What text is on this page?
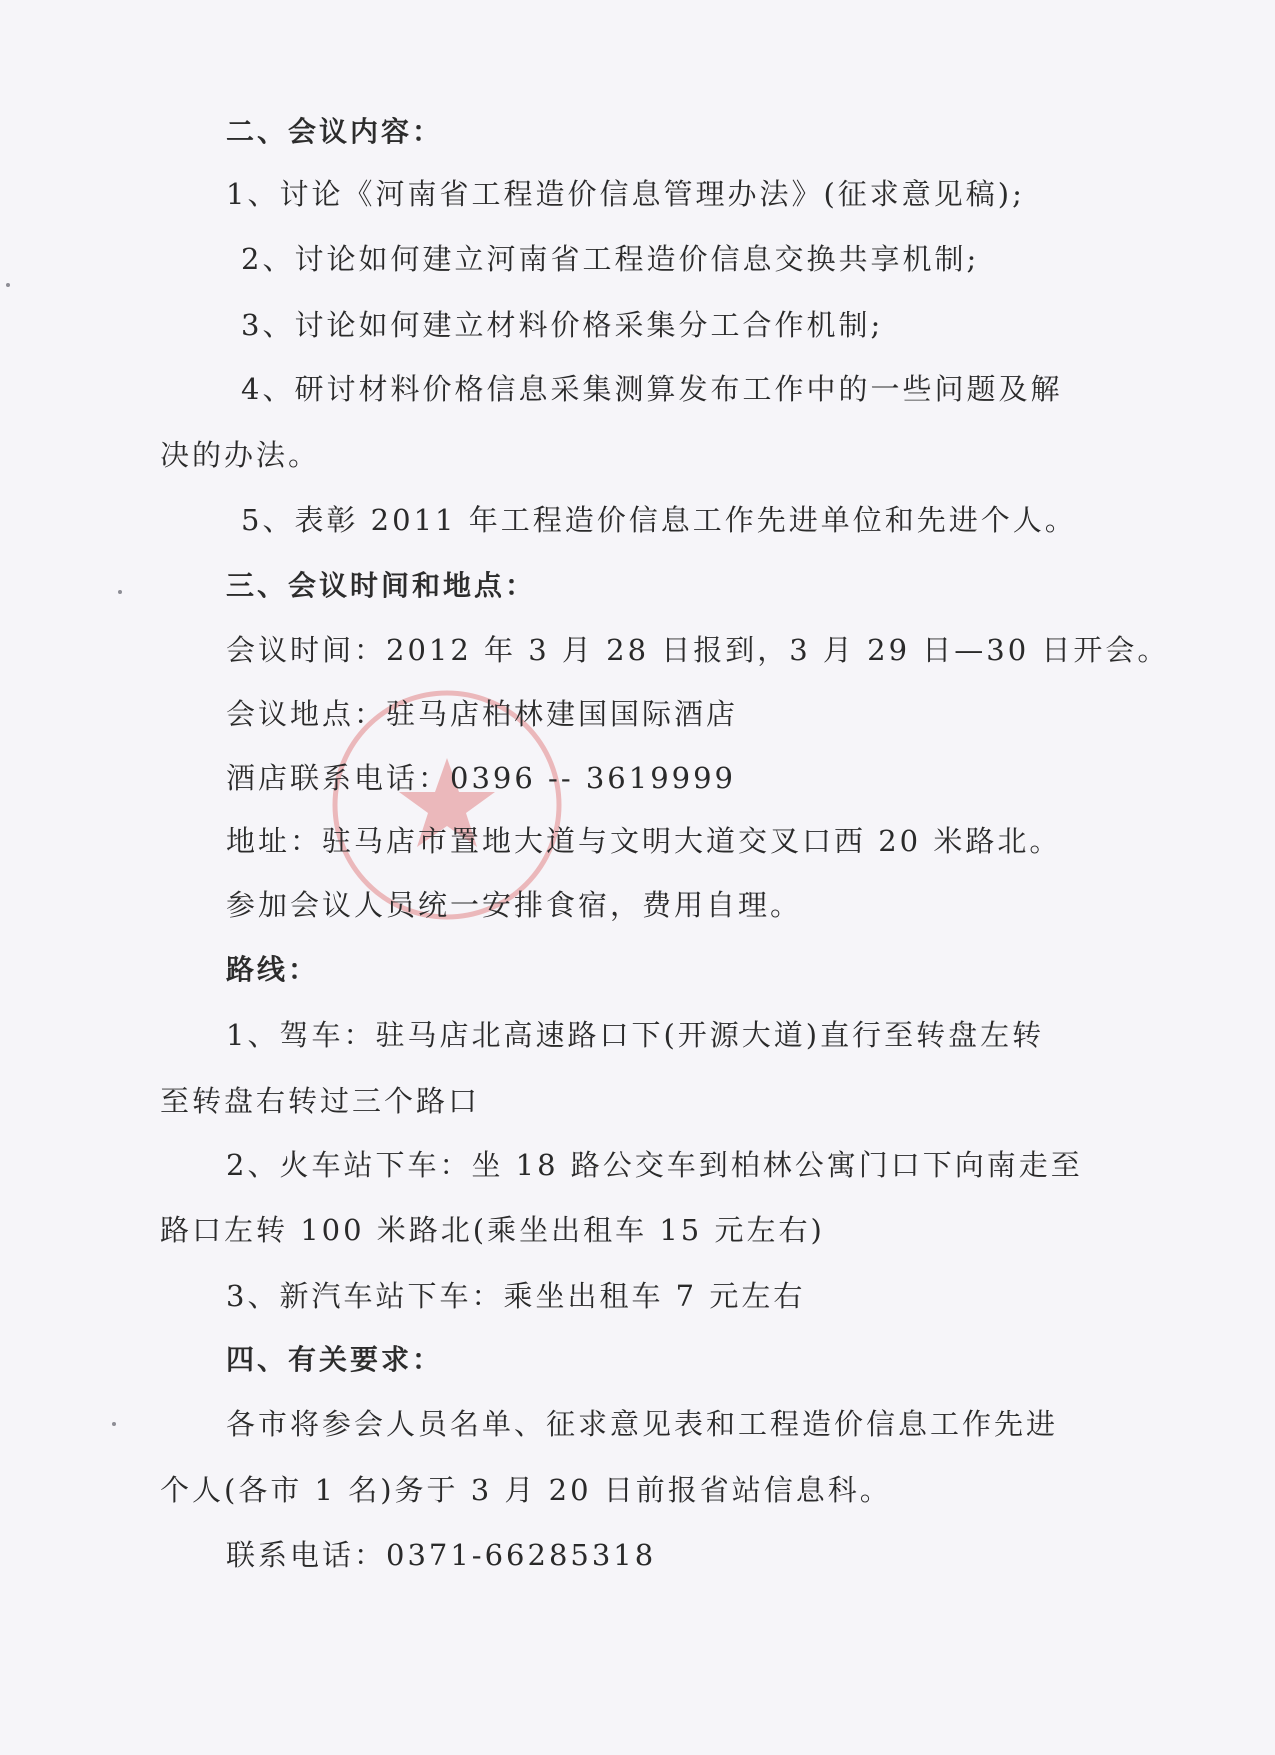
二、会议内容：
1、讨论《河南省工程造价信息管理办法》(征求意见稿);
2、讨论如何建立河南省工程造价信息交换共享机制;
3、讨论如何建立材料价格采集分工合作机制;
4、研讨材料价格信息采集测算发布工作中的一些问题及解
决的办法。
5、表彰 2011 年工程造价信息工作先进单位和先进个人。
三、会议时间和地点：
会议时间：2012 年 3 月 28 日报到，3 月 29 日—30 日开会。
会议地点：驻马店柏林建国国际酒店
酒店联系电话：0396 -- 3619999
地址：驻马店市置地大道与文明大道交叉口西 20 米路北。
参加会议人员统一安排食宿，费用自理。
路线：
1、驾车：驻马店北高速路口下(开源大道)直行至转盘左转
至转盘右转过三个路口
2、火车站下车：坐 18 路公交车到柏林公寓门口下向南走至
路口左转 100 米路北(乘坐出租车 15 元左右)
3、新汽车站下车：乘坐出租车 7 元左右
四、有关要求：
各市将参会人员名单、征求意见表和工程造价信息工作先进
个人(各市 1 名)务于 3 月 20 日前报省站信息科。
联系电话：0371-66285318
